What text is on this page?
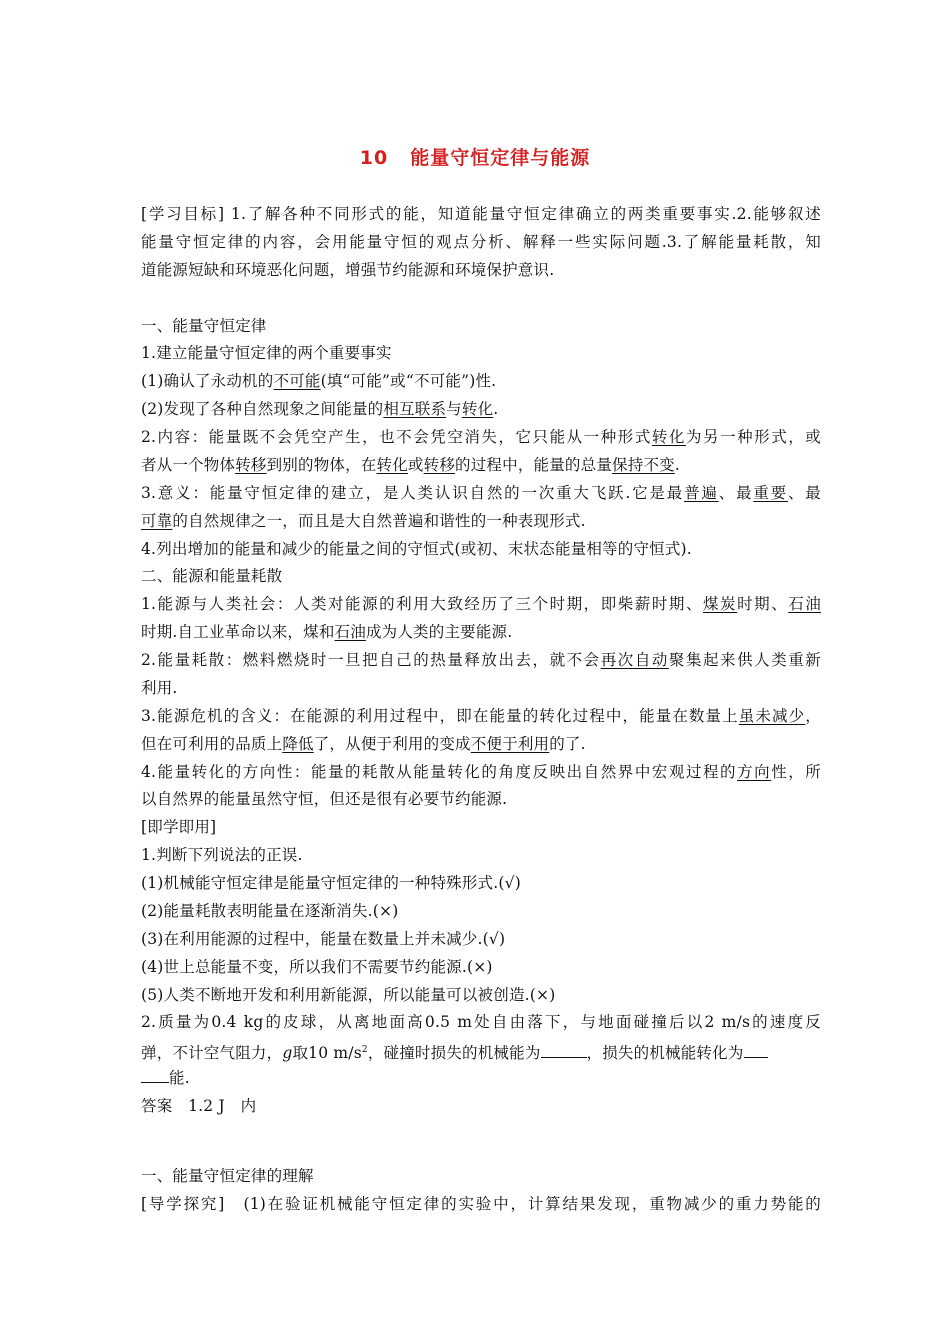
10 能量守恒定律与能源
[学习目标] 1.了解各种不同形式的能，知道能量守恒定律确立的两类重要事实.2.能够叙述
能量守恒定律的内容，会用能量守恒的观点分析、解释一些实际问题.3.了解能量耗散，知
道能源短缺和环境恶化问题，增强节约能源和环境保护意识.
一、能量守恒定律
1.建立能量守恒定律的两个重要事实
(1)确认了永动机的不可能(填“可能”或“不可能”)性.
(2)发现了各种自然现象之间能量的相互联系与转化.
2.内容：能量既不会凭空产生，也不会凭空消失，它只能从一种形式转化为另一种形式，或
者从一个物体转移到别的物体，在转化或转移的过程中，能量的总量保持不变.
3.意义：能量守恒定律的建立，是人类认识自然的一次重大飞跃.它是最普遍、最重要、最
可靠的自然规律之一，而且是大自然普遍和谐性的一种表现形式.
4.列出增加的能量和减少的能量之间的守恒式(或初、末状态能量相等的守恒式).
二、能源和能量耗散
1.能源与人类社会：人类对能源的利用大致经历了三个时期，即柴薪时期、煤炭时期、石油
时期.自工业革命以来，煤和石油成为人类的主要能源.
2.能量耗散：燃料燃烧时一旦把自己的热量释放出去，就不会再次自动聚集起来供人类重新
利用.
3.能源危机的含义：在能源的利用过程中，即在能量的转化过程中，能量在数量上虽未减少，
但在可利用的品质上降低了，从便于利用的变成不便于利用的了.
4.能量转化的方向性：能量的耗散从能量转化的角度反映出自然界中宏观过程的方向性，所
以自然界的能量虽然守恒，但还是很有必要节约能源.
[即学即用]
1.判断下列说法的正误.
(1)机械能守恒定律是能量守恒定律的一种特殊形式.(√)
(2)能量耗散表明能量在逐渐消失.(×)
(3)在利用能源的过程中，能量在数量上并未减少.(√)
(4)世上总能量不变，所以我们不需要节约能源.(×)
(5)人类不断地开发和利用新能源，所以能量可以被创造.(×)
2.质量为0.4 kg的皮球，从离地面高0.5 m处自由落下，与地面碰撞后以2 m/s的速度反
弹，不计空气阻力，g取10 $m/s^2$，碰撞时损失的机械能为	，损失的机械能转化为
能.
答案　1.2 J　内
一、能量守恒定律的理解
[导学探究]　(1)在验证机械能守恒定律的实验中，计算结果发现，重物减少的重力势能的
